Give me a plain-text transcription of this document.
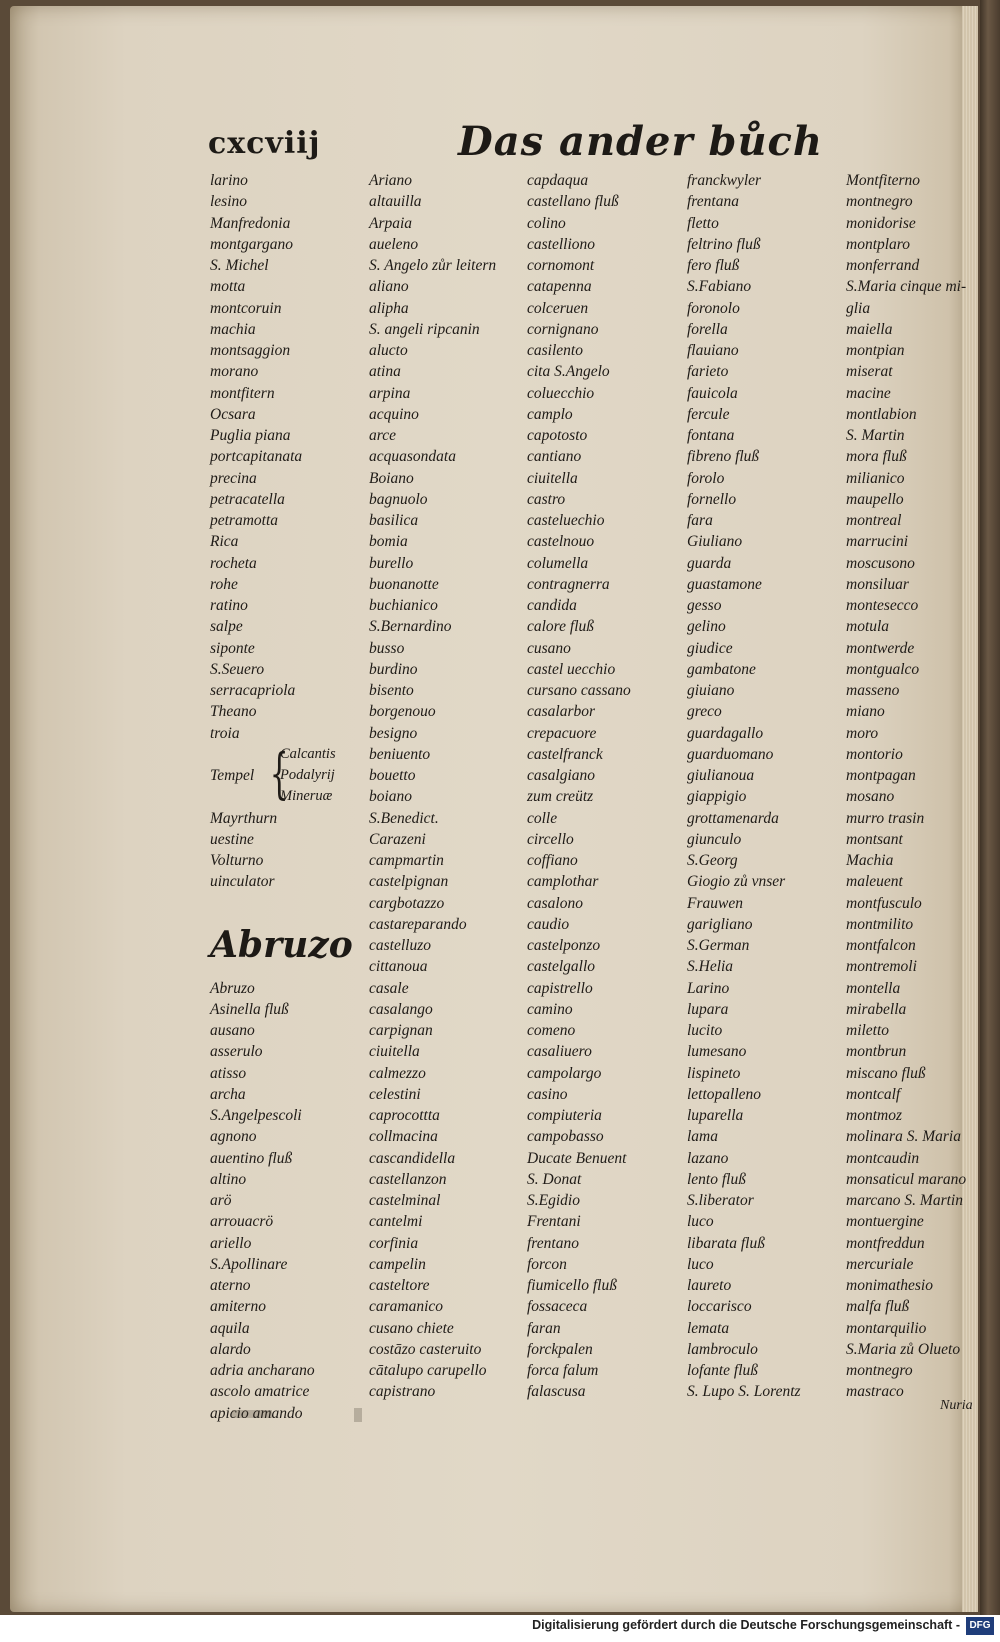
cxcviij	Das ander bůch
larino
lesino
Manfredonia
montgargano
S. Michel
motta
montcoruin
machia
montsaggion
morano
montfitern
Ocsara
Puglia piana
portcapitanata
precina
petracatella
petramotta
Rica
rocheta
rohe
ratino
salpe
siponte
S.Seuero
serracapriola
Theano
troia
Tempel {
Calcantis
Podalyrij
Mineruæ
Mayrthurn
uestine
Volturno
uinculator
Abruzo
Abruzo
Asinella fluß
ausano
asserulo
atisso
archa
S.Angelpescoli
agnono
auentino fluß
altino
arö
arrouacrö
ariello
S.Apollinare
aterno
amiterno
aquila
alardo
adria ancharano
ascolo amatrice
apicio amando
Ariano
altauilla
Arpaia
aueleno
S. Angelo zůr leitern
aliano
alipha
S. angeli ripcanin
alucto
atina
arpina
acquino
arce
acquasondata
Boiano
bagnuolo
basilica
bomia
burello
buonanotte
buchianico
S.Bernardino
busso
burdino
bisento
borgenouo
besigno
beniuento
bouetto
boiano
S.Benedict.
Carazeni
campmartin
castelpignan
cargbotazzo
castareparando
castelluzo
cittanoua
casale
casalango
carpignan
ciuitella
calmezzo
celestini
caprocottta
collmacina
cascandidella
castellanzon
castelminal
cantelmi
corfinia
campelin
casteltore
caramanico
cusano chiete
costāzo casteruito
cātalupo carupello
capistrano
capdaqua
castellano fluß
colino
castelliono
cornomont
catapenna
colceruen
cornignano
casilento
cita S.Angelo
coluecchio
camplo
capotosto
cantiano
ciuitella
castro
casteluechio
castelnouo
columella
contragnerra
candida
calore fluß
cusano
castel uecchio
cursano cassano
casalarbor
crepacuore
castelfranck
casalgiano
zum creütz
colle
circello
coffiano
camplothar
casalono
caudio
castelponzo
castelgallo
capistrello
camino
comeno
casaliuero
campolargo
casino
compiuteria
campobasso
Ducate Benuent
S. Donat
S.Egidio
Frentani
frentano
forcon
fiumicello fluß
fossaceca
faran
forckpalen
forca falum
falascusa
franckwyler
frentana
fletto
feltrino fluß
fero fluß
S.Fabiano
foronolo
forella
flauiano
farieto
fauicola
fercule
fontana
fibreno fluß
forolo
fornello
fara
Giuliano
guarda
guastamone
gesso
gelino
giudice
gambatone
giuiano
greco
guardagallo
guarduomano
giulianoua
giappigio
grottamenarda
giunculo
S.Georg
Giogio zů vnser
Frauwen
garigliano
S.German
S.Helia
Larino
lupara
lucito
lumesano
lispineto
lettopalleno
luparella
lama
lazano
lento fluß
S.liberator
luco
libarata fluß
luco
laureto
loccarisco
lemata
lambroculo
lofante fluß
S. Lupo S. Lorentz
Montfiterno
montnegro
monidorise
montplaro
monferrand
S.Maria cinque mi-
glia
maiella
montpian
miserat
macine
montlabion
S. Martin
mora fluß
milianico
maupello
montreal
marrucini
moscusono
monsiluar
montesecco
motula
montwerde
montgualco
masseno
miano
moro
montorio
montpagan
mosano
murro trasin
montsant
Machia
maleuent
montfusculo
montmilito
montfalcon
montremoli
montella
mirabella
miletto
montbrun
miscano fluß
montcalf
montmoz
molinara S. Maria
montcaudin
monsaticul marano
marcano S. Martin
montuergine
montfreddun
mercuriale
monimathesio
malfa fluß
montarquilio
S.Maria zů Olueto
montnegro
mastraco
Nuria
Digitalisierung gefördert durch die Deutsche Forschungsgemeinschaft - DFG
